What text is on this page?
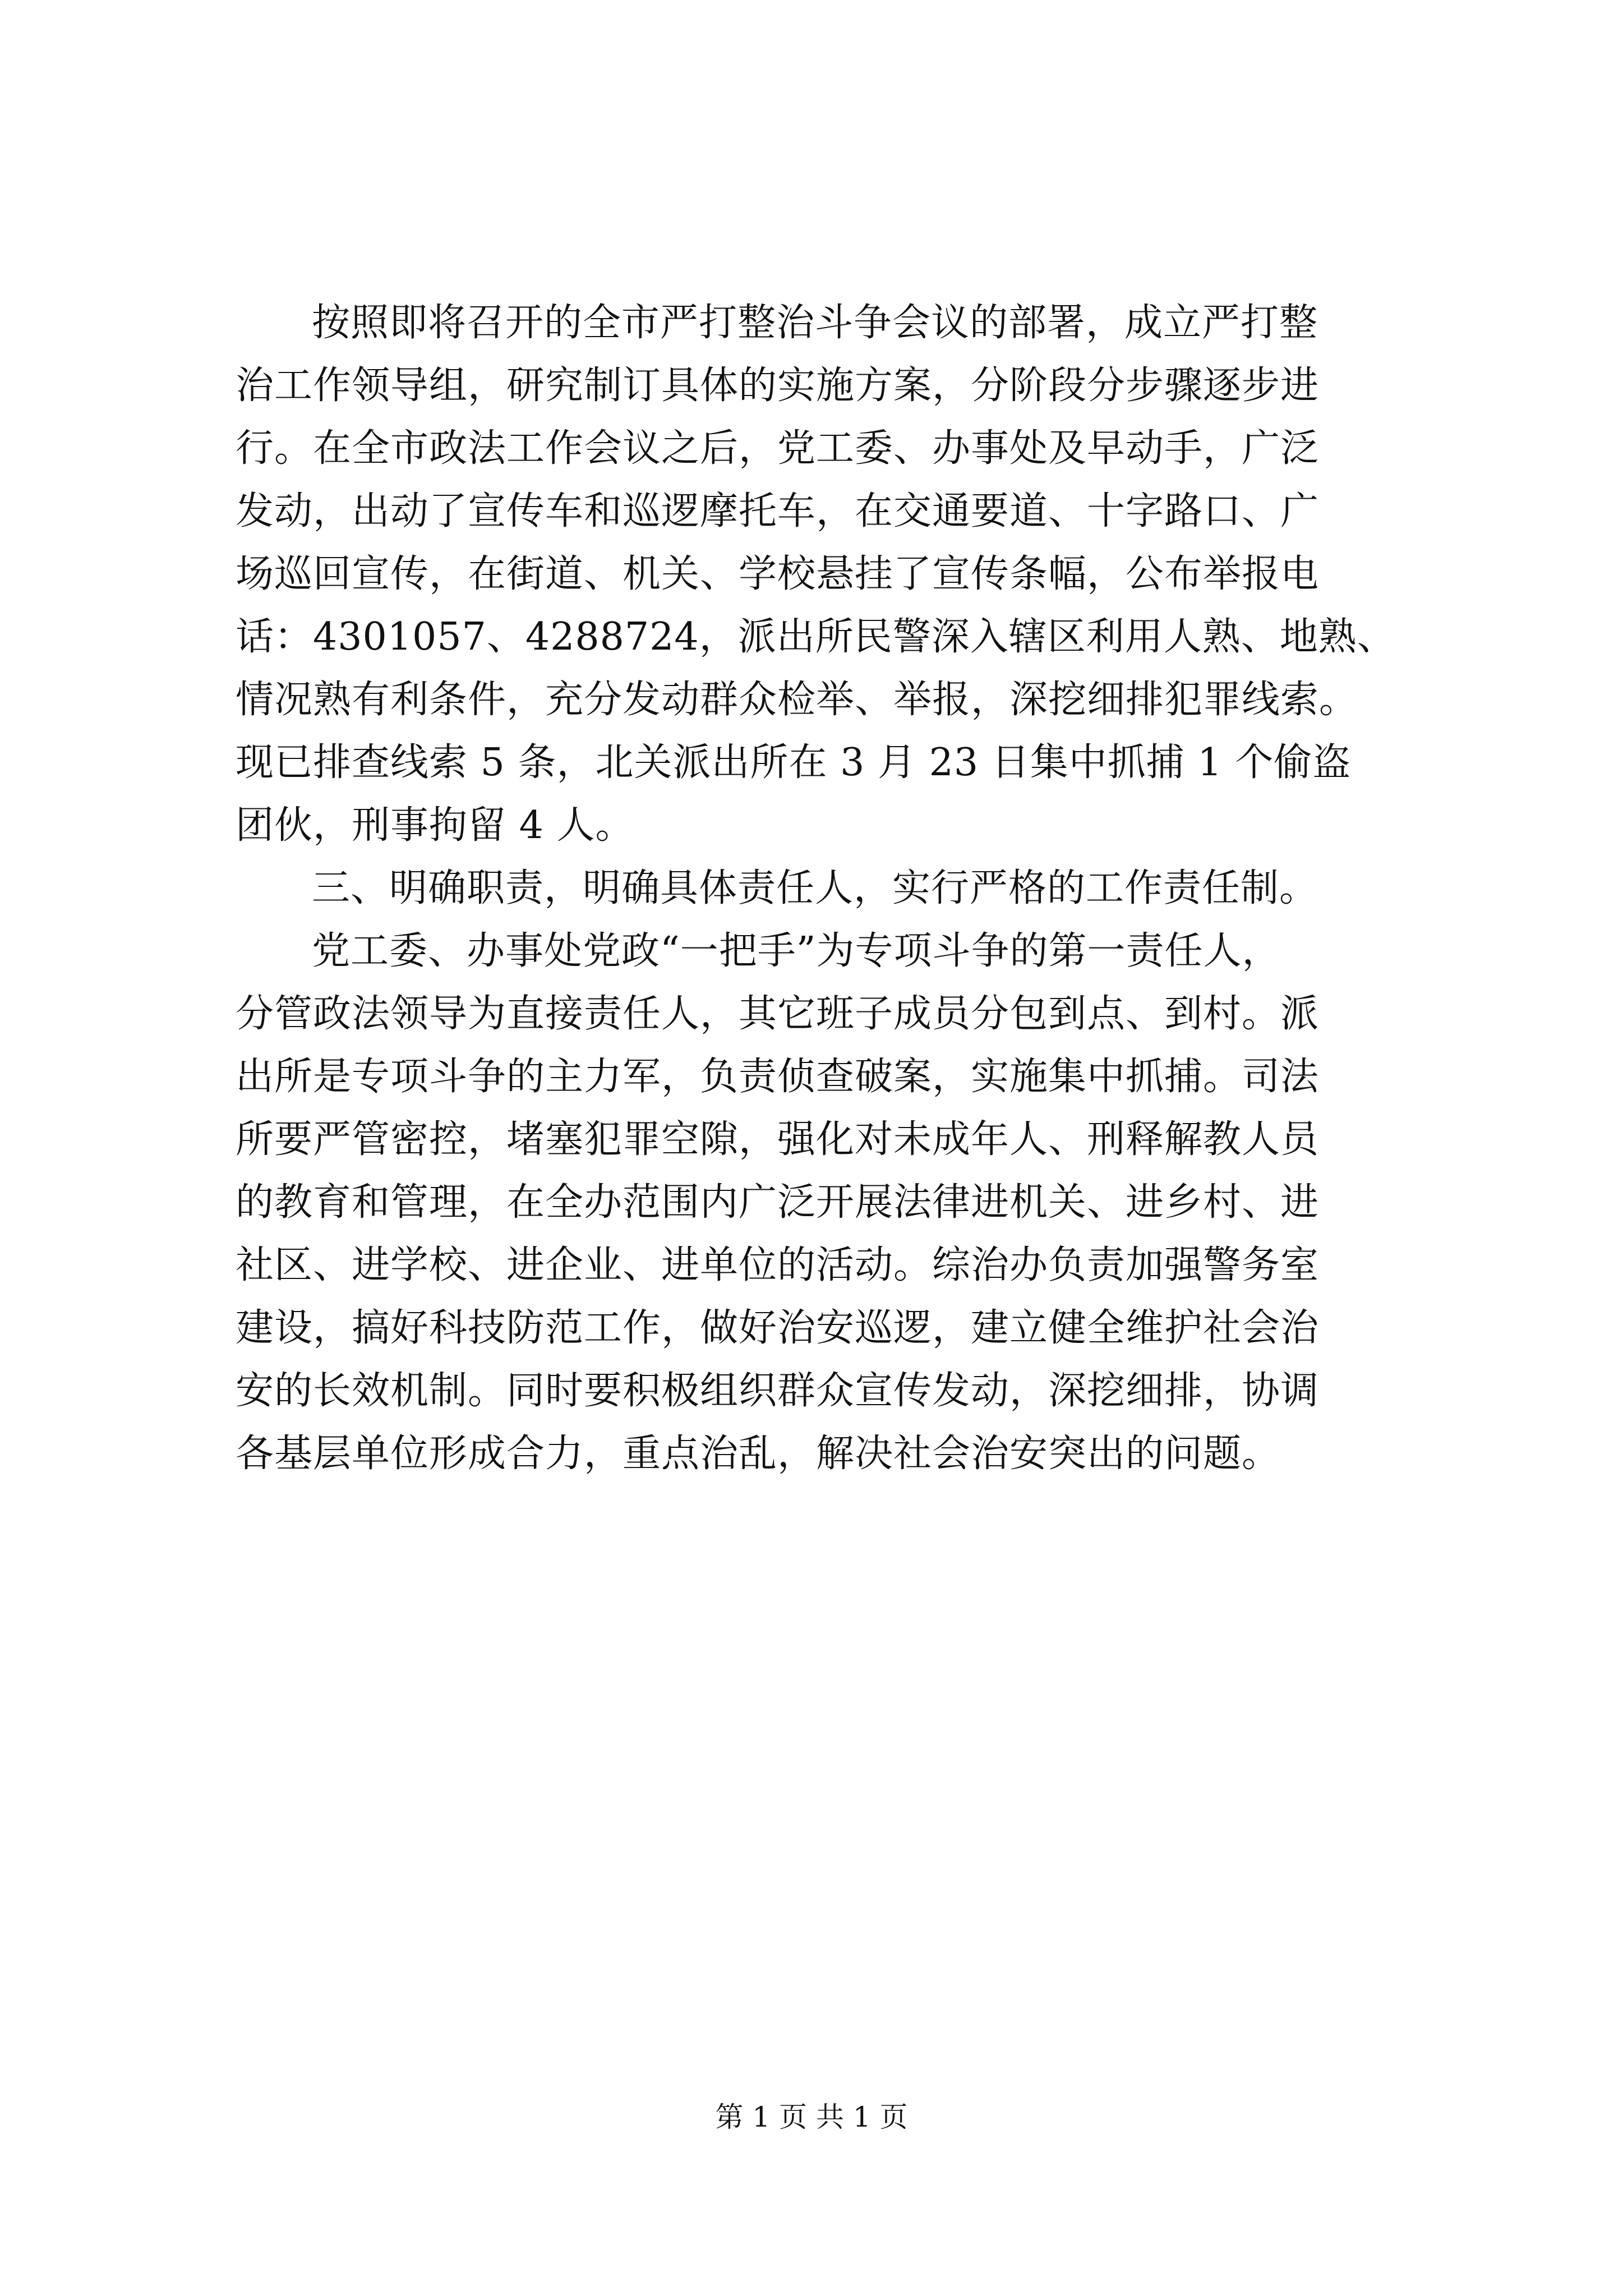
按照即将召开的全市严打整治斗争会议的部署，成立严打整
治工作领导组，研究制订具体的实施方案，分阶段分步骤逐步进
行。在全市政法工作会议之后，党工委、办事处及早动手，广泛
发动，出动了宣传车和巡逻摩托车，在交通要道、十字路口、广
场巡回宣传，在街道、机关、学校悬挂了宣传条幅，公布举报电
话：4301057、4288724，派出所民警深入辖区利用人熟、地熟、
情况熟有利条件，充分发动群众检举、举报，深挖细排犯罪线索。
现已排查线索 5 条，北关派出所在 3 月 23 日集中抓捕 1 个偷盗
团伙，刑事拘留 4 人。
三、明确职责，明确具体责任人，实行严格的工作责任制。
党工委、办事处党政“一把手”为专项斗争的第一责任人，
分管政法领导为直接责任人，其它班子成员分包到点、到村。派
出所是专项斗争的主力军，负责侦查破案，实施集中抓捕。司法
所要严管密控，堵塞犯罪空隙，强化对未成年人、刑释解教人员
的教育和管理，在全办范围内广泛开展法律进机关、进乡村、进
社区、进学校、进企业、进单位的活动。综治办负责加强警务室
建设，搞好科技防范工作，做好治安巡逻，建立健全维护社会治
安的长效机制。同时要积极组织群众宣传发动，深挖细排，协调
各基层单位形成合力，重点治乱，解决社会治安突出的问题。
第 1 页 共 1 页
